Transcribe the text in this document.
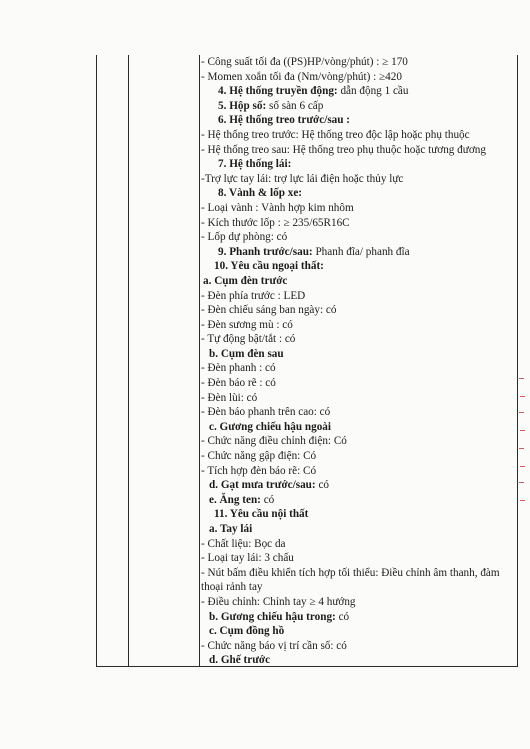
- Công suất tối đa ((PS)HP/vòng/phút) : ≥ 170
- Momen xoắn tối đa (Nm/vòng/phút) : ≥420
4. Hệ thống truyền động: dẫn động 1 cầu
5. Hộp số: số sàn 6 cấp
6. Hệ thống treo trước/sau :
- Hệ thống treo trước: Hệ thống treo độc lập hoặc phụ thuộc
- Hệ thống treo sau: Hệ thống treo phụ thuộc hoặc tương đương
7. Hệ thống lái:
-Trợ lực tay lái: trợ lực lái điện hoặc thủy lực
8. Vành & lốp xe:
- Loại vành : Vành hợp kim nhôm
- Kích thước lốp : ≥ 235/65R16C
- Lốp dự phòng: có
9. Phanh trước/sau: Phanh đĩa/ phanh đĩa
10. Yêu cầu ngoại thất:
a. Cụm đèn trước
- Đèn phía trước : LED
- Đèn chiếu sáng ban ngày: có
- Đèn sương mù : có
- Tự động bật/tắt : có
b. Cụm đèn sau
- Đèn phanh : có
- Đèn báo rẽ : có
- Đèn lùi: có
- Đèn báo phanh trên cao: có
c. Gương chiếu hậu ngoài
- Chức năng điều chỉnh điện: Có
- Chức năng gập điện: Có
- Tích hợp đèn báo rẽ: Có
d. Gạt mưa trước/sau: có
e. Ăng ten: có
11. Yêu cầu nội thất
a. Tay lái
- Chất liệu: Bọc da
- Loại tay lái: 3 chấu
- Nút bấm điều khiển tích hợp tối thiểu: Điều chỉnh âm thanh, đàm thoại rảnh tay
- Điều chỉnh: Chỉnh tay ≥ 4 hướng
b. Gương chiếu hậu trong: có
c. Cụm đồng hồ
- Chức năng báo vị trí cần số: có
d. Ghế trước
